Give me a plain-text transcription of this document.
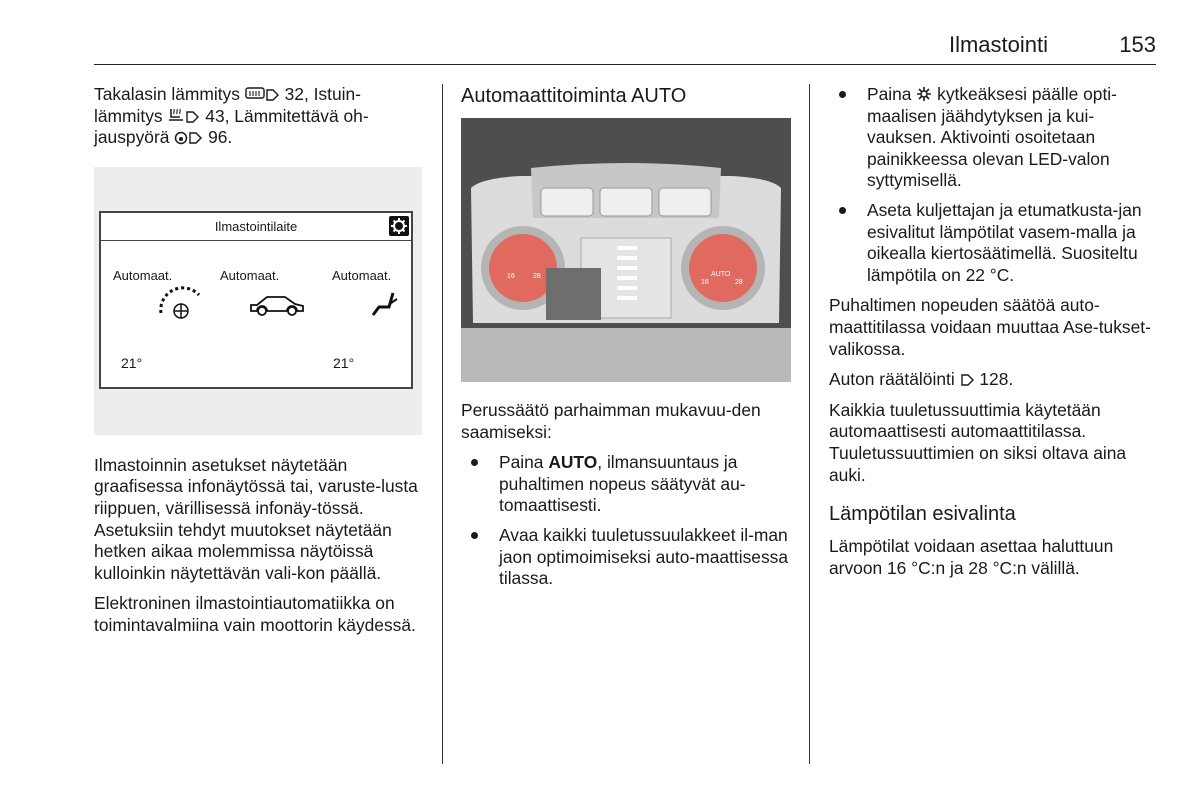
Ilmastointi	153

Takalasin lämmitys  32, Istuin-lämmitys  43, Lämmitettävä oh-jauspyörä  96.

Ilmastointilaite
Automaat.	Automaat.	Automaat.
21°	21°

Ilmastoinnin asetukset näytetään graafisessa infonäytössä tai, varuste-lusta riippuen, värillisessä infonäy-tössä. Asetuksiin tehdyt muutokset näytetään hetken aikaa molemmissa näytöissä kulloinkin näytettävän vali-kon päällä.

Elektroninen ilmastointiautomatiikka on toimintavalmiina vain moottorin käydessä.

Automaattitoiminta AUTO
AUTO
16	28
16	28

Perussäätö parhaimman mukavuu-den saamiseksi:

Paina AUTO, ilmansuuntaus ja puhaltimen nopeus säätyvät au-tomaattisesti.
Avaa kaikki tuuletussuulakkeet il-man jaon optimoimiseksi auto-maattisessa tilassa.
Paina  kytkeäksesi päälle opti-maalisen jäähdytyksen ja kui-vauksen. Aktivointi osoitetaan painikkeessa olevan LED-valon syttymisellä.
Aseta kuljettajan ja etumatkusta-jan esivalitut lämpötilat vasem-malla ja oikealla kiertosäätimellä. Suositeltu lämpötila on 22 °C.

Puhaltimen nopeuden säätöä auto-maattitilassa voidaan muuttaa Ase-tukset-valikossa.

Auton räätälöinti  128.

Kaikkia tuuletussuuttimia käytetään automaattisesti automaattitilassa. Tuuletussuuttimien on siksi oltava aina auki.

Lämpötilan esivalinta

Lämpötilat voidaan asettaa haluttuun arvoon 16 °C:n ja 28 °C:n välillä.
